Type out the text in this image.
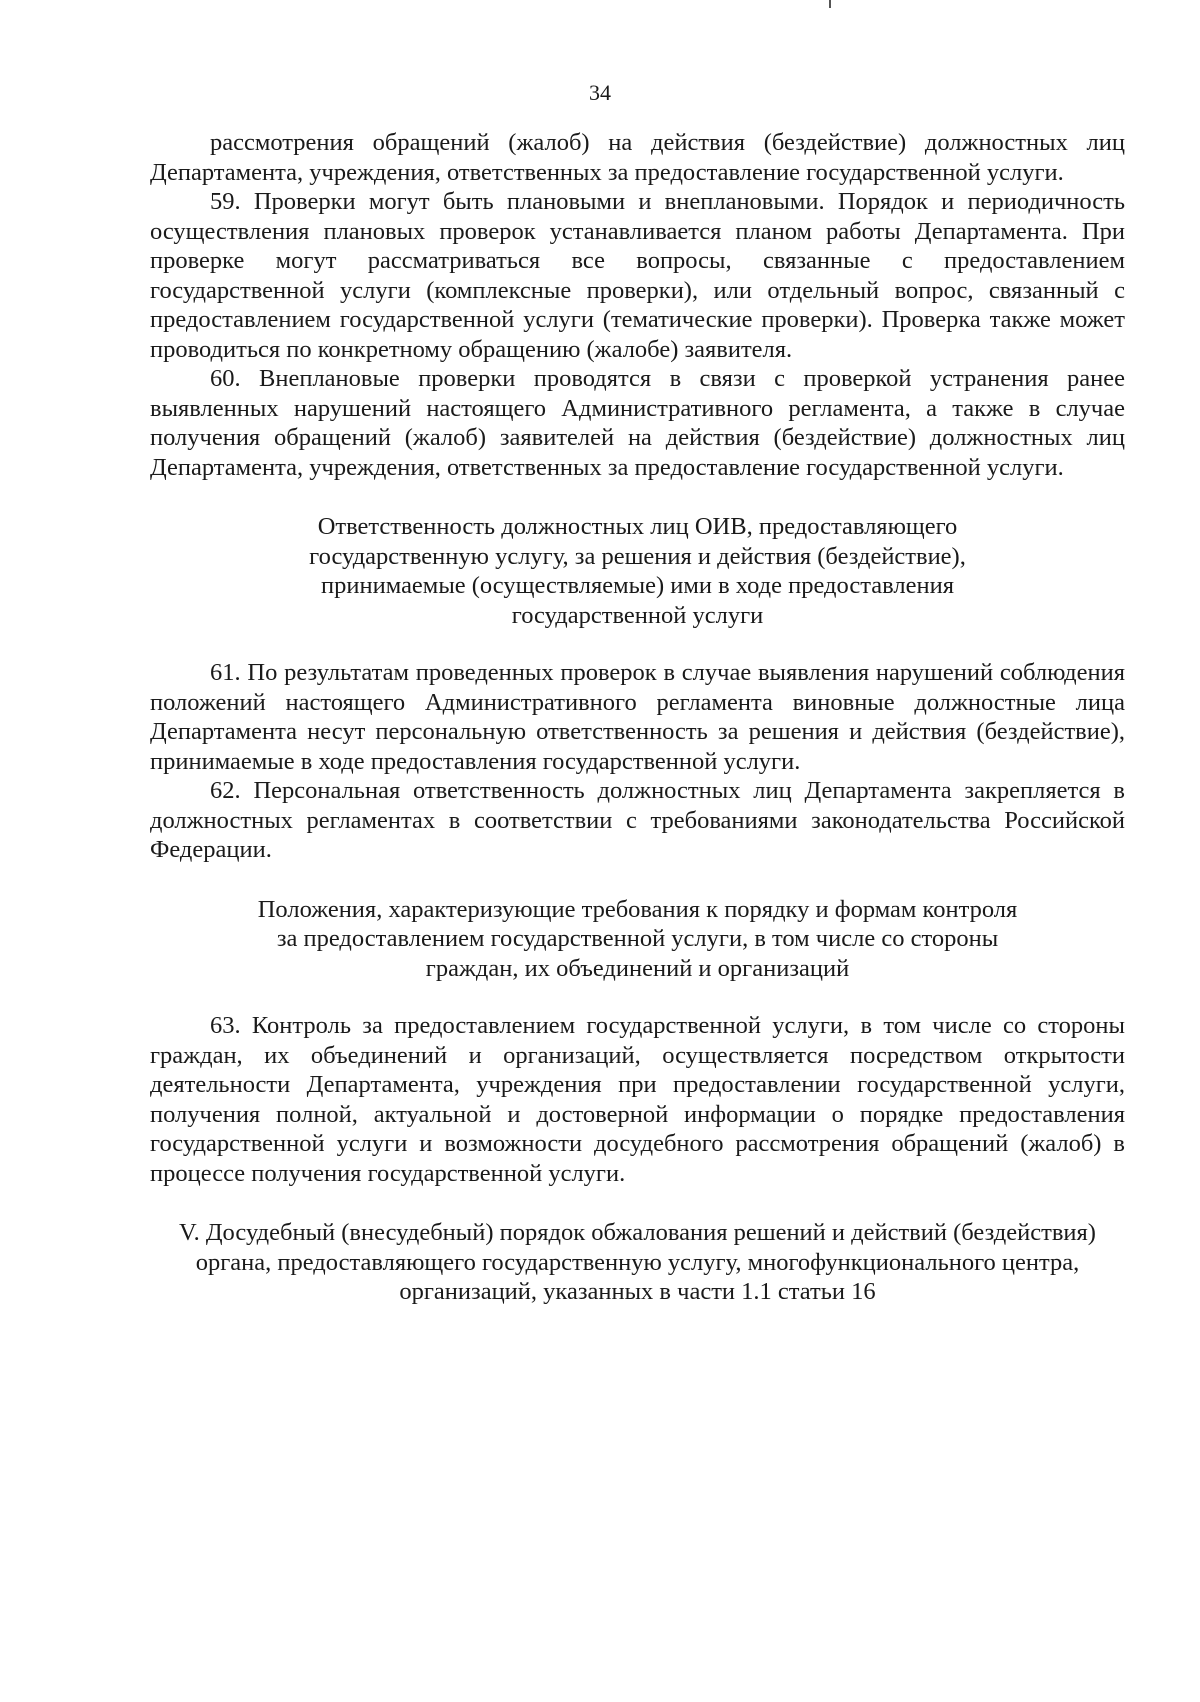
34

рассмотрения обращений (жалоб) на действия (бездействие) должностных лиц Департамента, учреждения, ответственных за предоставление государственной услуги.

59. Проверки могут быть плановыми и внеплановыми. Порядок и периодичность осуществления плановых проверок устанавливается планом работы Департамента. При проверке могут рассматриваться все вопросы, связанные с предоставлением государственной услуги (комплексные проверки), или отдельный вопрос, связанный с предоставлением государственной услуги (тематические проверки). Проверка также может проводиться по конкретному обращению (жалобе) заявителя.

60. Внеплановые проверки проводятся в связи с проверкой устранения ранее выявленных нарушений настоящего Административного регламента, а также в случае получения обращений (жалоб) заявителей на действия (бездействие) должностных лиц Департамента, учреждения, ответственных за предоставление государственной услуги.

Ответственность должностных лиц ОИВ, предоставляющего государственную услугу, за решения и действия (бездействие), принимаемые (осуществляемые) ими в ходе предоставления государственной услуги

61. По результатам проведенных проверок в случае выявления нарушений соблюдения положений настоящего Административного регламента виновные должностные лица Департамента несут персональную ответственность за решения и действия (бездействие), принимаемые в ходе предоставления государственной услуги.

62. Персональная ответственность должностных лиц Департамента закрепляется в должностных регламентах в соответствии с требованиями законодательства Российской Федерации.

Положения, характеризующие требования к порядку и формам контроля за предоставлением государственной услуги, в том числе со стороны граждан, их объединений и организаций

63. Контроль за предоставлением государственной услуги, в том числе со стороны граждан, их объединений и организаций, осуществляется посредством открытости деятельности Департамента, учреждения при предоставлении государственной услуги, получения полной, актуальной и достоверной информации о порядке предоставления государственной услуги и возможности досудебного рассмотрения обращений (жалоб) в процессе получения государственной услуги.

V. Досудебный (внесудебный) порядок обжалования решений и действий (бездействия) органа, предоставляющего государственную услугу, многофункционального центра, организаций, указанных в части 1.1 статьи 16
